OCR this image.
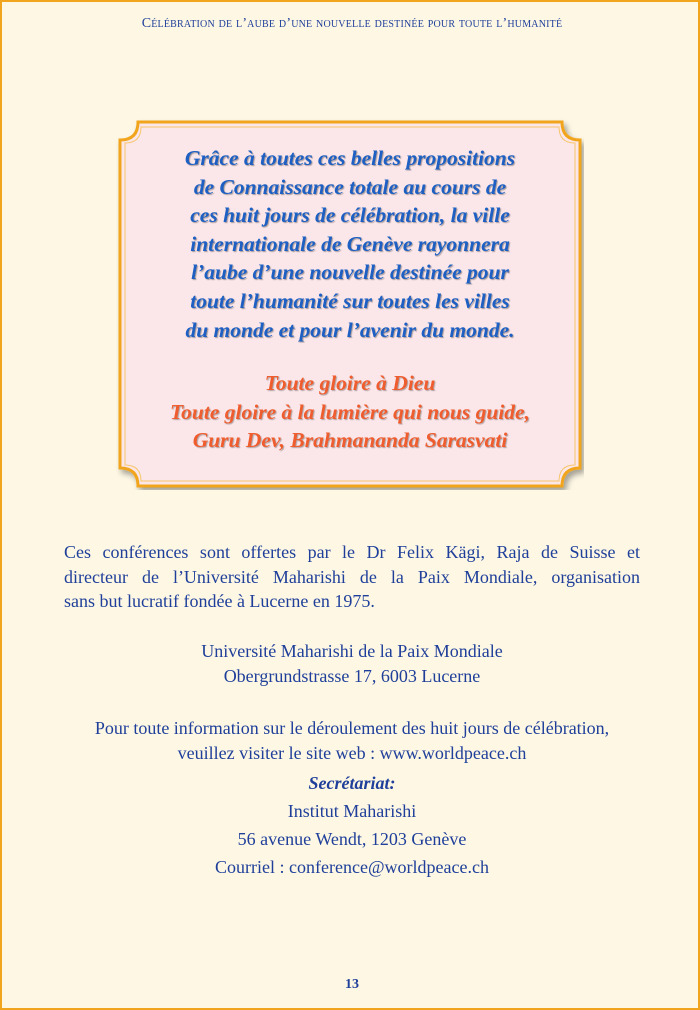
Célébration de l’aube d’une nouvelle destinée pour toute l’humanité
Grâce à toutes ces belles propositions
de Connaissance totale au cours de
ces huit jours de célébration, la ville
internationale de Genève rayonnera
l’aube d’une nouvelle destinée pour
toute l’humanité sur toutes les villes
du monde et pour l’avenir du monde.
Toute gloire à Dieu
Toute gloire à la lumière qui nous guide,
Guru Dev, Brahmananda Sarasvati
Ces conférences sont offertes par le Dr Felix Kägi, Raja de Suisse et
directeur de l’Université Maharishi de la Paix Mondiale, organisation
sans but lucratif fondée à Lucerne en 1975.
Université Maharishi de la Paix Mondiale
Obergrundstrasse 17, 6003 Lucerne
Pour toute information sur le déroulement des huit jours de célébration,
veuillez visiter le site web : www.worldpeace.ch
Secrétariat:
Institut Maharishi
56 avenue Wendt, 1203 Genève
Courriel : conference@worldpeace.ch
13
